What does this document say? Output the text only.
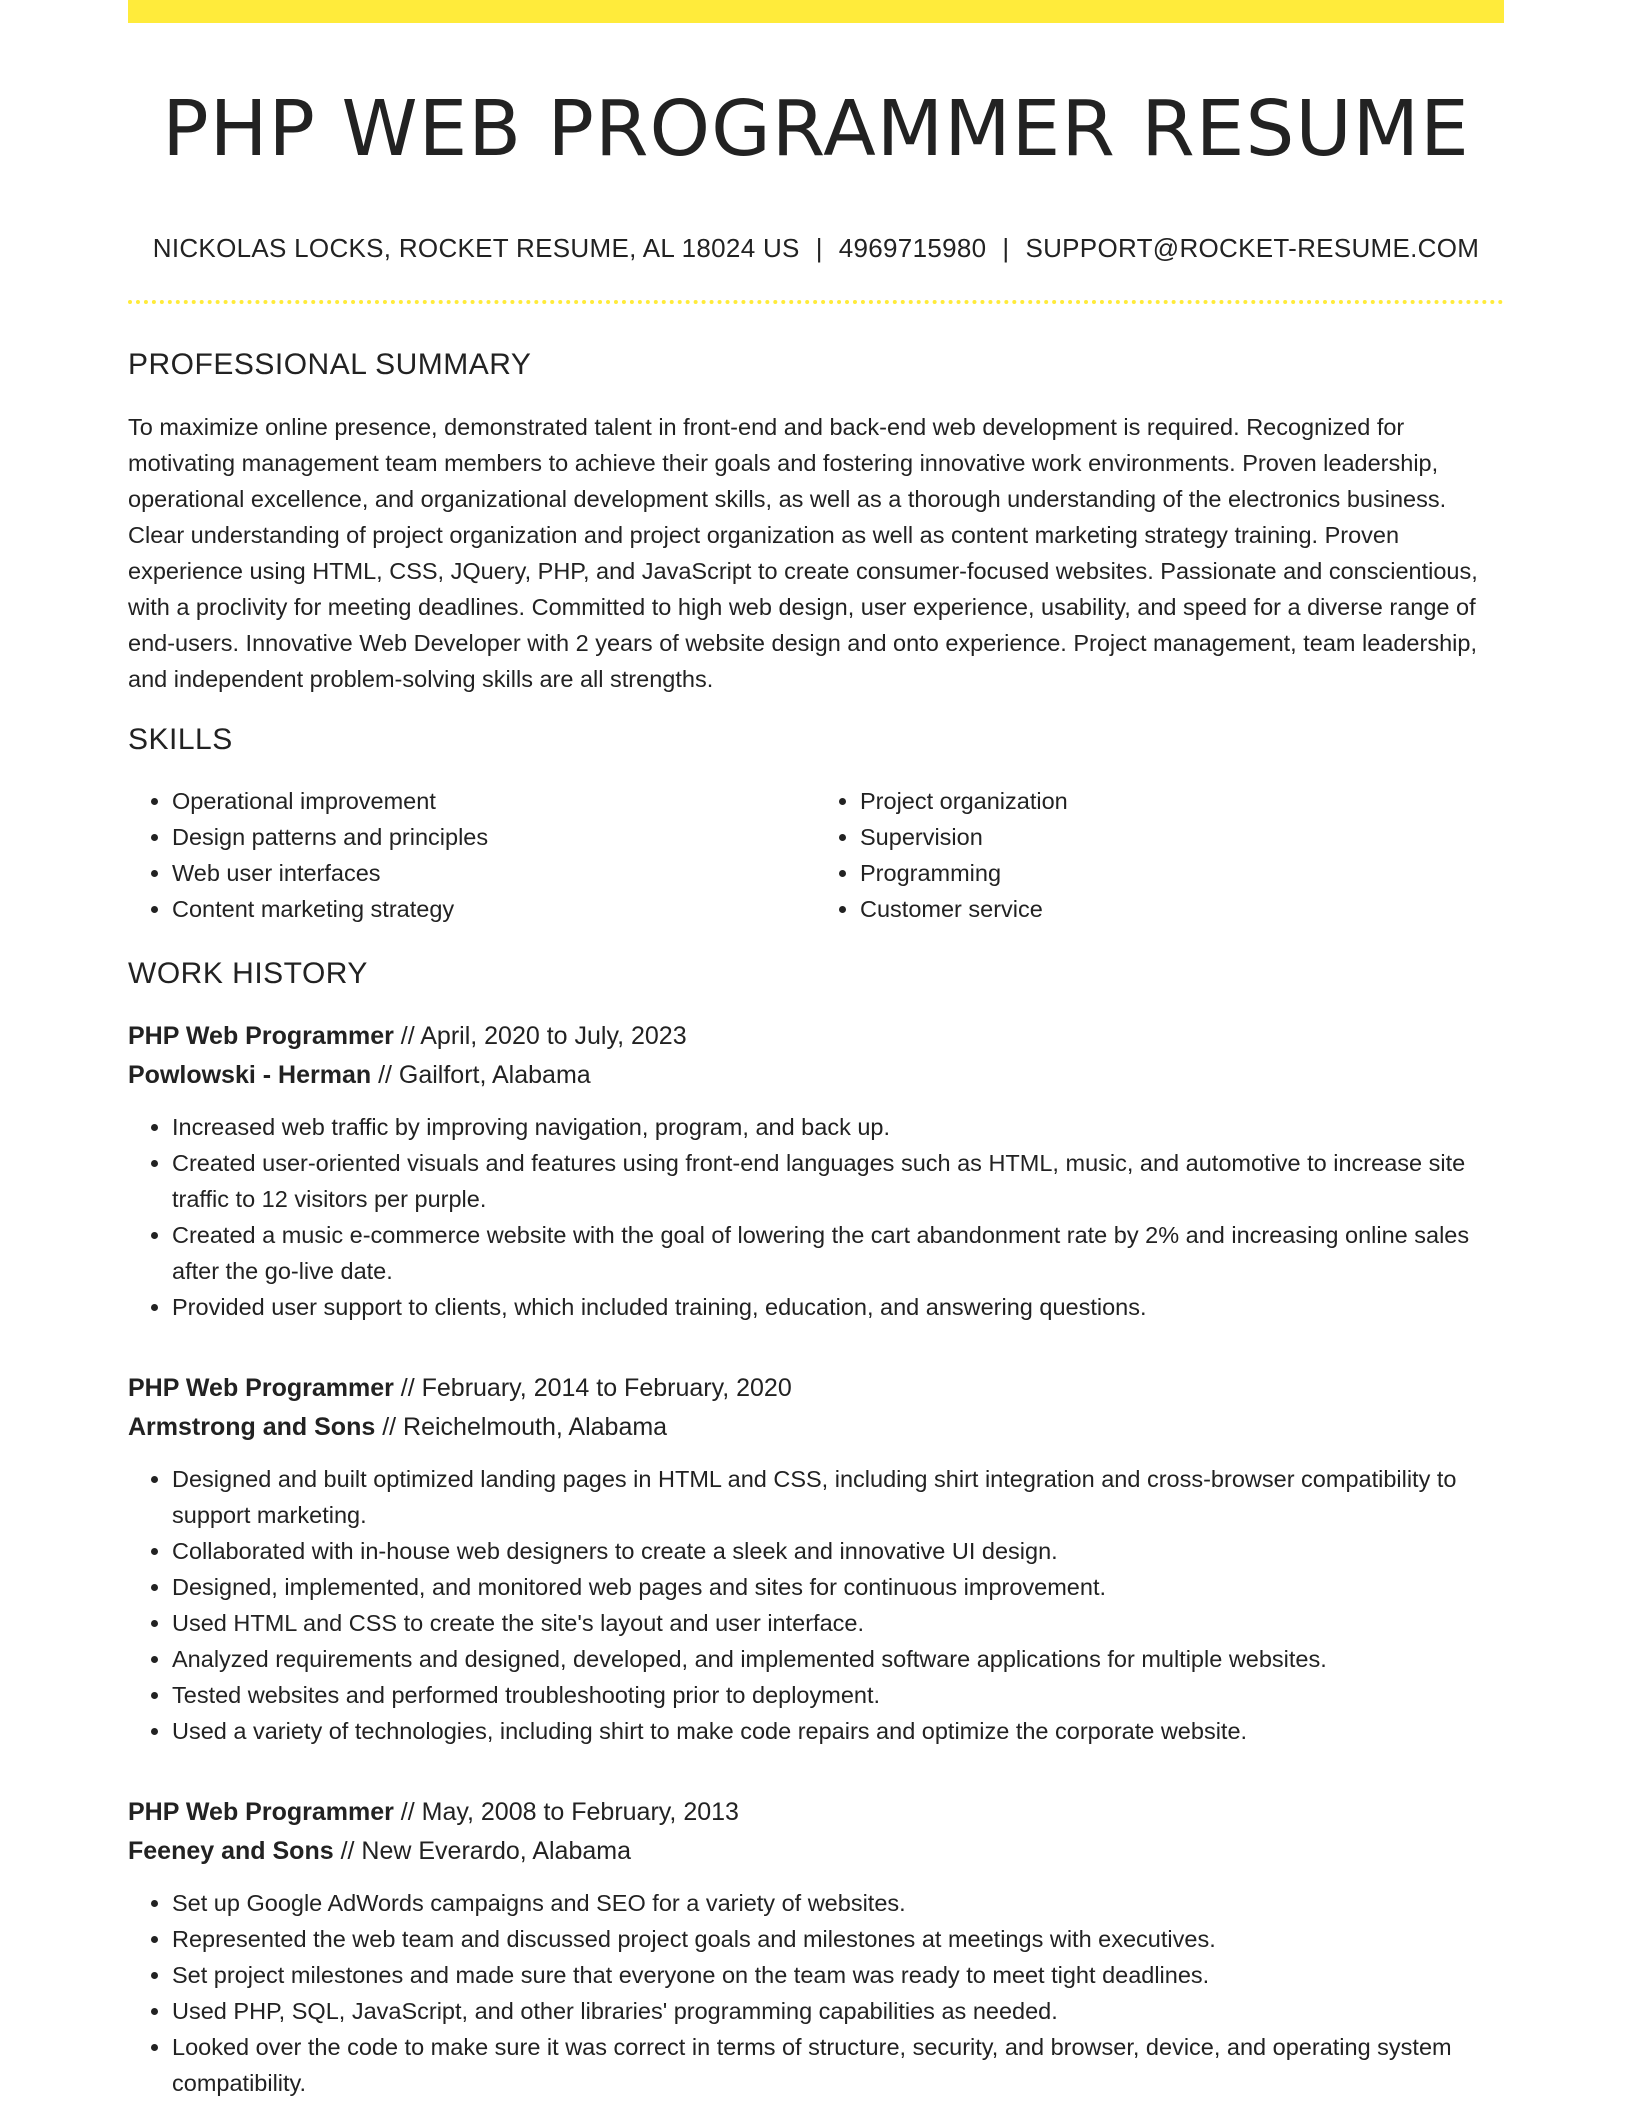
PHP WEB PROGRAMMER RESUME
NICKOLAS LOCKS, ROCKET RESUME, AL 18024 US | 4969715980 | SUPPORT@ROCKET-RESUME.COM
PROFESSIONAL SUMMARY
To maximize online presence, demonstrated talent in front-end and back-end web development is required. Recognized for motivating management team members to achieve their goals and fostering innovative work environments. Proven leadership, operational excellence, and organizational development skills, as well as a thorough understanding of the electronics business. Clear understanding of project organization and project organization as well as content marketing strategy training. Proven experience using HTML, CSS, JQuery, PHP, and JavaScript to create consumer-focused websites. Passionate and conscientious, with a proclivity for meeting deadlines. Committed to high web design, user experience, usability, and speed for a diverse range of end-users. Innovative Web Developer with 2 years of website design and onto experience. Project management, team leadership, and independent problem-solving skills are all strengths.
SKILLS
• Operational improvement
• Design patterns and principles
• Web user interfaces
• Content marketing strategy
• Project organization
• Supervision
• Programming
• Customer service
WORK HISTORY
PHP Web Programmer // April, 2020 to July, 2023
Powlowski - Herman // Gailfort, Alabama
• Increased web traffic by improving navigation, program, and back up.
• Created user-oriented visuals and features using front-end languages such as HTML, music, and automotive to increase site traffic to 12 visitors per purple.
• Created a music e-commerce website with the goal of lowering the cart abandonment rate by 2% and increasing online sales after the go-live date.
• Provided user support to clients, which included training, education, and answering questions.
PHP Web Programmer // February, 2014 to February, 2020
Armstrong and Sons // Reichelmouth, Alabama
• Designed and built optimized landing pages in HTML and CSS, including shirt integration and cross-browser compatibility to support marketing.
• Collaborated with in-house web designers to create a sleek and innovative UI design.
• Designed, implemented, and monitored web pages and sites for continuous improvement.
• Used HTML and CSS to create the site's layout and user interface.
• Analyzed requirements and designed, developed, and implemented software applications for multiple websites.
• Tested websites and performed troubleshooting prior to deployment.
• Used a variety of technologies, including shirt to make code repairs and optimize the corporate website.
PHP Web Programmer // May, 2008 to February, 2013
Feeney and Sons // New Everardo, Alabama
• Set up Google AdWords campaigns and SEO for a variety of websites.
• Represented the web team and discussed project goals and milestones at meetings with executives.
• Set project milestones and made sure that everyone on the team was ready to meet tight deadlines.
• Used PHP, SQL, JavaScript, and other libraries' programming capabilities as needed.
• Looked over the code to make sure it was correct in terms of structure, security, and browser, device, and operating system compatibility.
